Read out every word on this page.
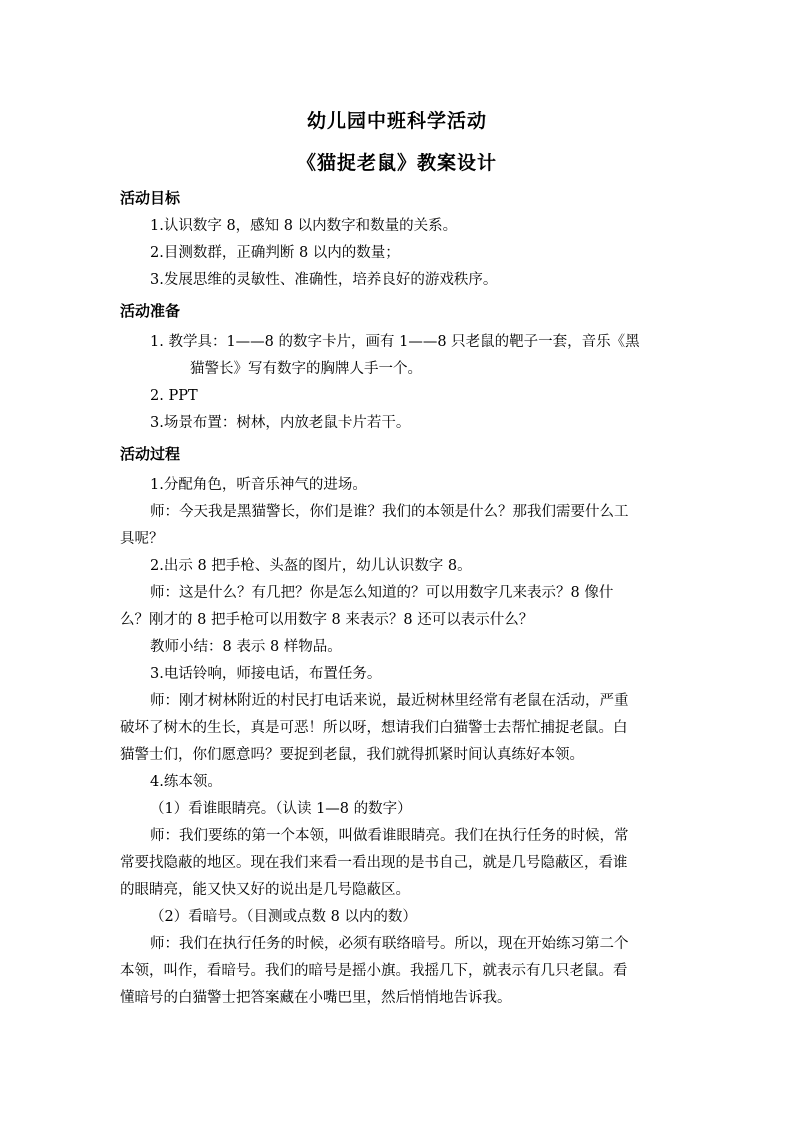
幼儿园中班科学活动
《猫捉老鼠》教案设计
活动目标
1.认识数字 8，感知 8 以内数字和数量的关系。
2.目测数群，正确判断 8 以内的数量；
3.发展思维的灵敏性、准确性，培养良好的游戏秩序。
活动准备
1. 教学具：1——8 的数字卡片，画有 1——8 只老鼠的靶子一套，音乐《黑
猫警长》写有数字的胸牌人手一个。
2. PPT
3.场景布置：树林，内放老鼠卡片若干。
活动过程
1.分配角色，听音乐神气的进场。
师：今天我是黑猫警长，你们是谁？我们的本领是什么？那我们需要什么工
具呢？
2.出示 8 把手枪、头盔的图片，幼儿认识数字 8。
师：这是什么？有几把？你是怎么知道的？可以用数字几来表示？8 像什
么？刚才的 8 把手枪可以用数字 8 来表示？8 还可以表示什么？
教师小结：8 表示 8 样物品。
3.电话铃响，师接电话，布置任务。
师：刚才树林附近的村民打电话来说，最近树林里经常有老鼠在活动，严重
破坏了树木的生长，真是可恶！所以呀，想请我们白猫警士去帮忙捕捉老鼠。白
猫警士们，你们愿意吗？要捉到老鼠，我们就得抓紧时间认真练好本领。
4.练本领。
（1）看谁眼睛亮。（认读 1—8 的数字）
师：我们要练的第一个本领，叫做看谁眼睛亮。我们在执行任务的时候，常
常要找隐蔽的地区。现在我们来看一看出现的是书自己，就是几号隐蔽区，看谁
的眼睛亮，能又快又好的说出是几号隐蔽区。
（2）看暗号。（目测或点数 8 以内的数）
师：我们在执行任务的时候，必须有联络暗号。所以，现在开始练习第二个
本领，叫作，看暗号。我们的暗号是摇小旗。我摇几下，就表示有几只老鼠。看
懂暗号的白猫警士把答案藏在小嘴巴里，然后悄悄地告诉我。
